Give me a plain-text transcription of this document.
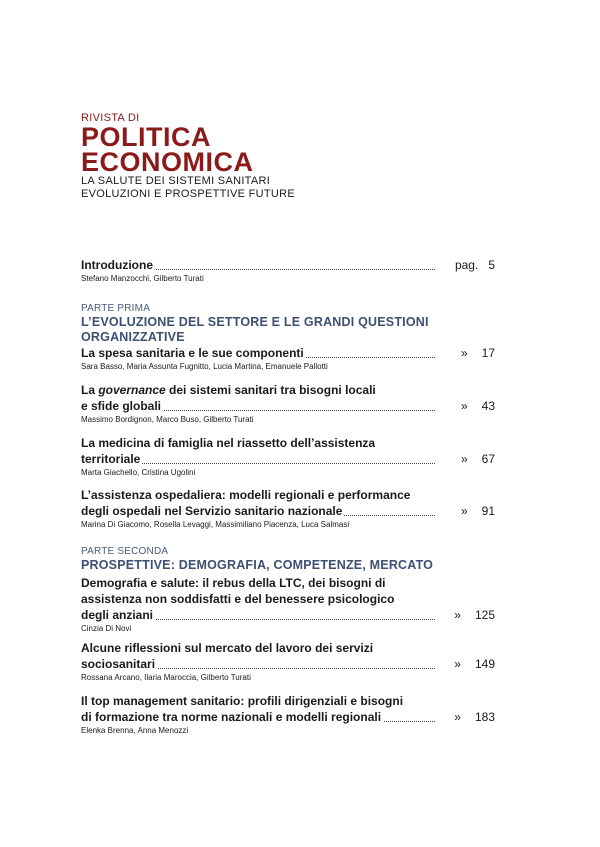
RIVISTA DI
POLITICA
ECONOMICA
LA SALUTE DEI SISTEMI SANITARI
EVOLUZIONI E PROSPETTIVE FUTURE
Introduzione	pag. 5
Stefano Manzocchi, Gilberto Turati
PARTE PRIMA
L’EVOLUZIONE DEL SETTORE E LE GRANDI QUESTIONI
ORGANIZZATIVE
La spesa sanitaria e le sue componenti	» 17
Sara Basso, Maria Assunta Fugnitto, Lucia Martina, Emanuele Pallotti
La governance dei sistemi sanitari tra bisogni locali
e sfide globali	» 43
Massimo Bordignon, Marco Buso, Gilberto Turati
La medicina di famiglia nel riassetto dell’assistenza
territoriale	» 67
Marta Giachello, Cristina Ugolini
L’assistenza ospedaliera: modelli regionali e performance
degli ospedali nel Servizio sanitario nazionale	» 91
Marina Di Giacomo, Rosella Levaggi, Massimiliano Piacenza, Luca Salmasi
PARTE SECONDA
PROSPETTIVE: DEMOGRAFIA, COMPETENZE, MERCATO
Demografia e salute: il rebus della LTC, dei bisogni di
assistenza non soddisfatti e del benessere psicologico
degli anziani	» 125
Cinzia Di Novi
Alcune riflessioni sul mercato del lavoro dei servizi
sociosanitari	» 149
Rossana Arcano, Ilaria Maroccia, Gilberto Turati
Il top management sanitario: profili dirigenziali e bisogni
di formazione tra norme nazionali e modelli regionali	» 183
Elenka Brenna, Anna Menozzi
